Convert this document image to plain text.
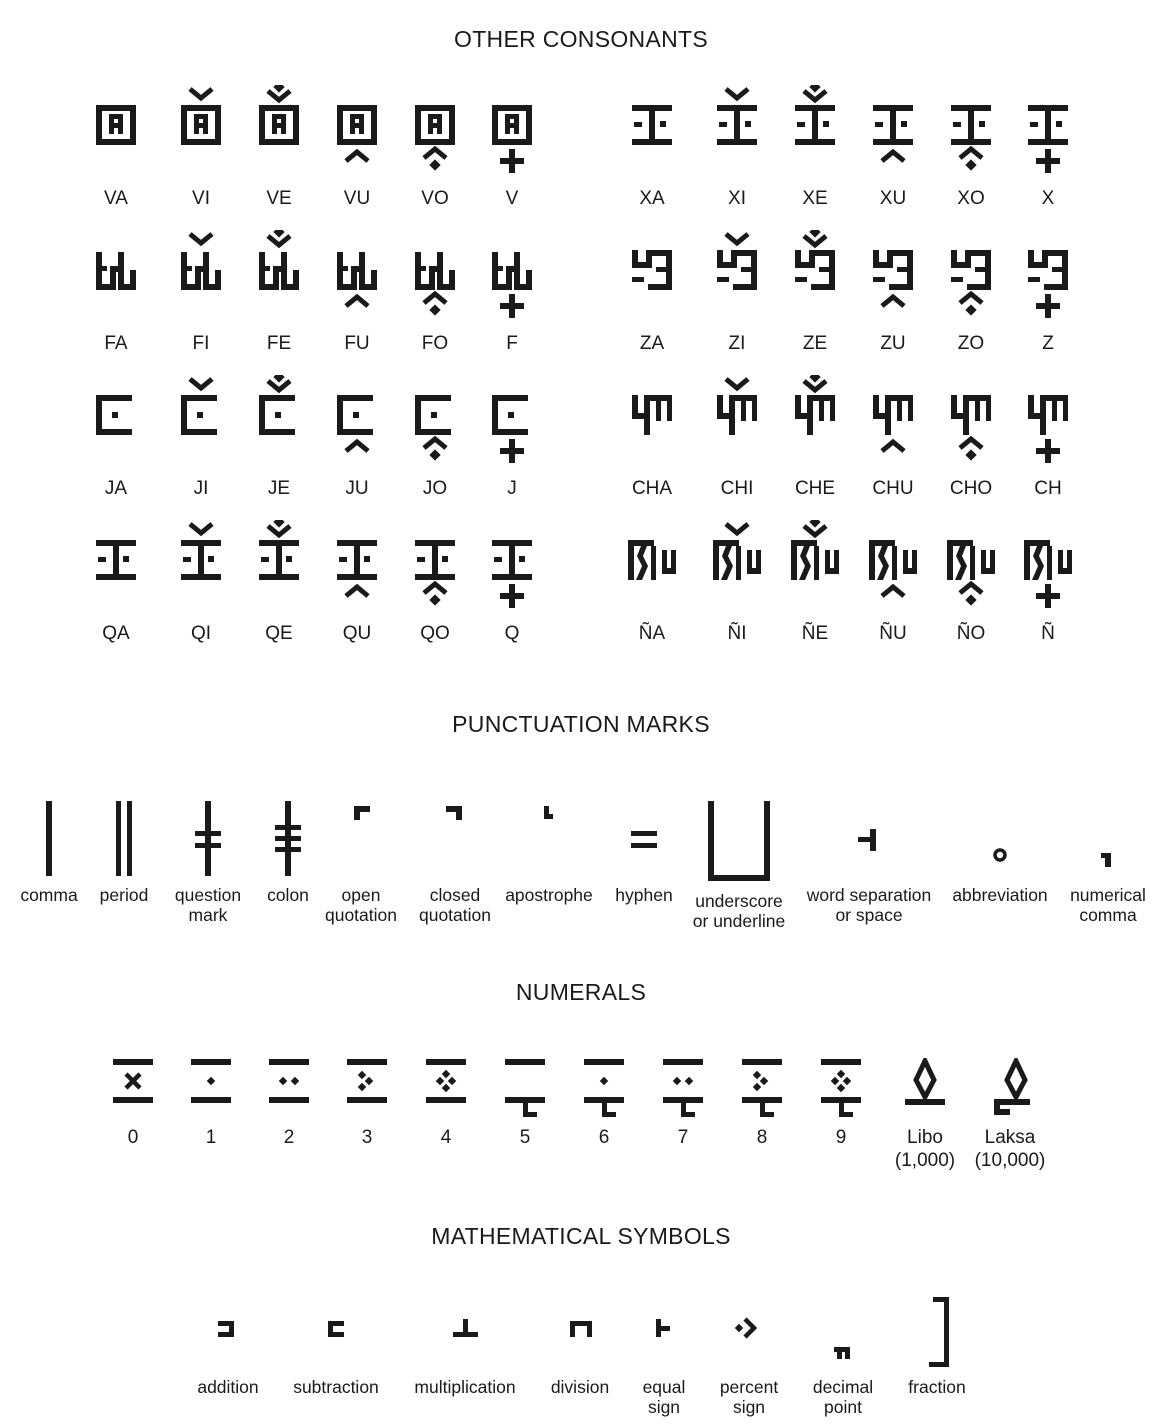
OTHER CONSONANTS
PUNCTUATION MARKS
NUMERALS
MATHEMATICAL SYMBOLS
VA	VI	VE	VU	VO	V	XA	XI	XE	XU	XO	X
FA	FI	FE	FU	FO	F	ZA	ZI	ZE	ZU	ZO	Z
JA	JI	JE	JU	JO	J	CHA	CHI	CHE	CHU	CHO	CH
QA	QI	QE	QU	QO	Q	ÑA	ÑI	ÑE	ÑU	ÑO	Ñ
comma	period	question
mark
colon	open
quotation
closed
quotation
apostrophe	hyphen	underscore
or underline
word separation
or space
abbreviation	numerical
comma
0	1	2	3	4	5	6	7	8	9	Libo
(1,000)
Laksa
(10,000)
addition	subtraction	multiplication	division	equal
sign
percent
sign
decimal
point
fraction
